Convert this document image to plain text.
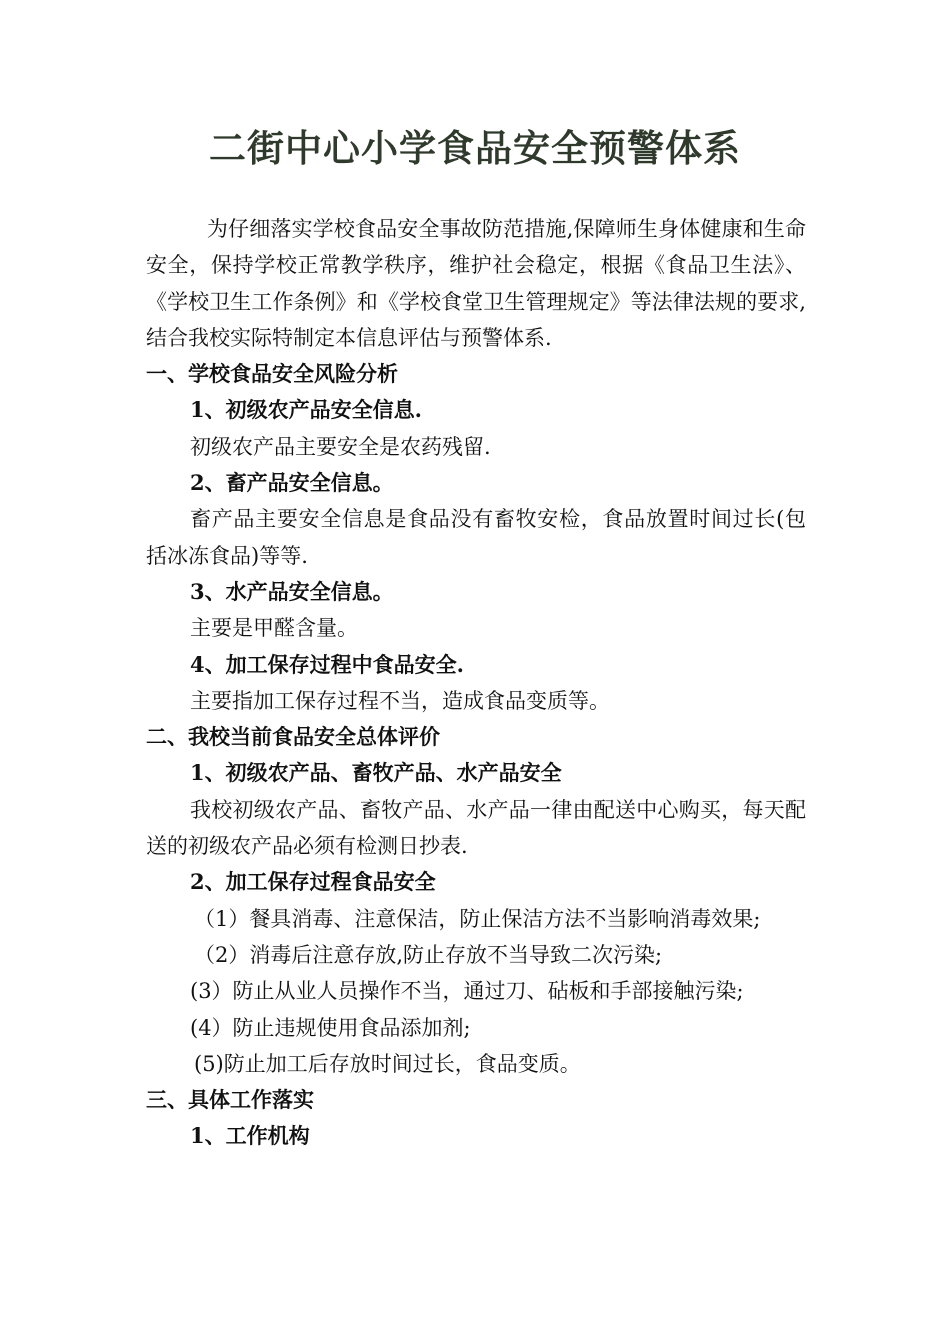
二街中心小学食品安全预警体系

为仔细落实学校食品安全事故防范措施,保障师生身体健康和生命安全，保持学校正常教学秩序，维护社会稳定，根据《食品卫生法》、《学校卫生工作条例》和《学校食堂卫生管理规定》等法律法规的要求,结合我校实际特制定本信息评估与预警体系.

一、学校食品安全风险分析

1、初级农产品安全信息.

初级农产品主要安全是农药残留.

2、畜产品安全信息。

畜产品主要安全信息是食品没有畜牧安检，食品放置时间过长(包括冰冻食品)等等.

3、水产品安全信息。

主要是甲醛含量。

4、加工保存过程中食品安全.

主要指加工保存过程不当，造成食品变质等。

二、我校当前食品安全总体评价

1、初级农产品、畜牧产品、水产品安全

我校初级农产品、畜牧产品、水产品一律由配送中心购买，每天配送的初级农产品必须有检测日抄表.

2、加工保存过程食品安全

（1）餐具消毒、注意保洁，防止保洁方法不当影响消毒效果;

（2）消毒后注意存放,防止存放不当导致二次污染;

(3）防止从业人员操作不当，通过刀、砧板和手部接触污染;

(4）防止违规使用食品添加剂;

(5)防止加工后存放时间过长，食品变质。

三、具体工作落实

1、工作机构
